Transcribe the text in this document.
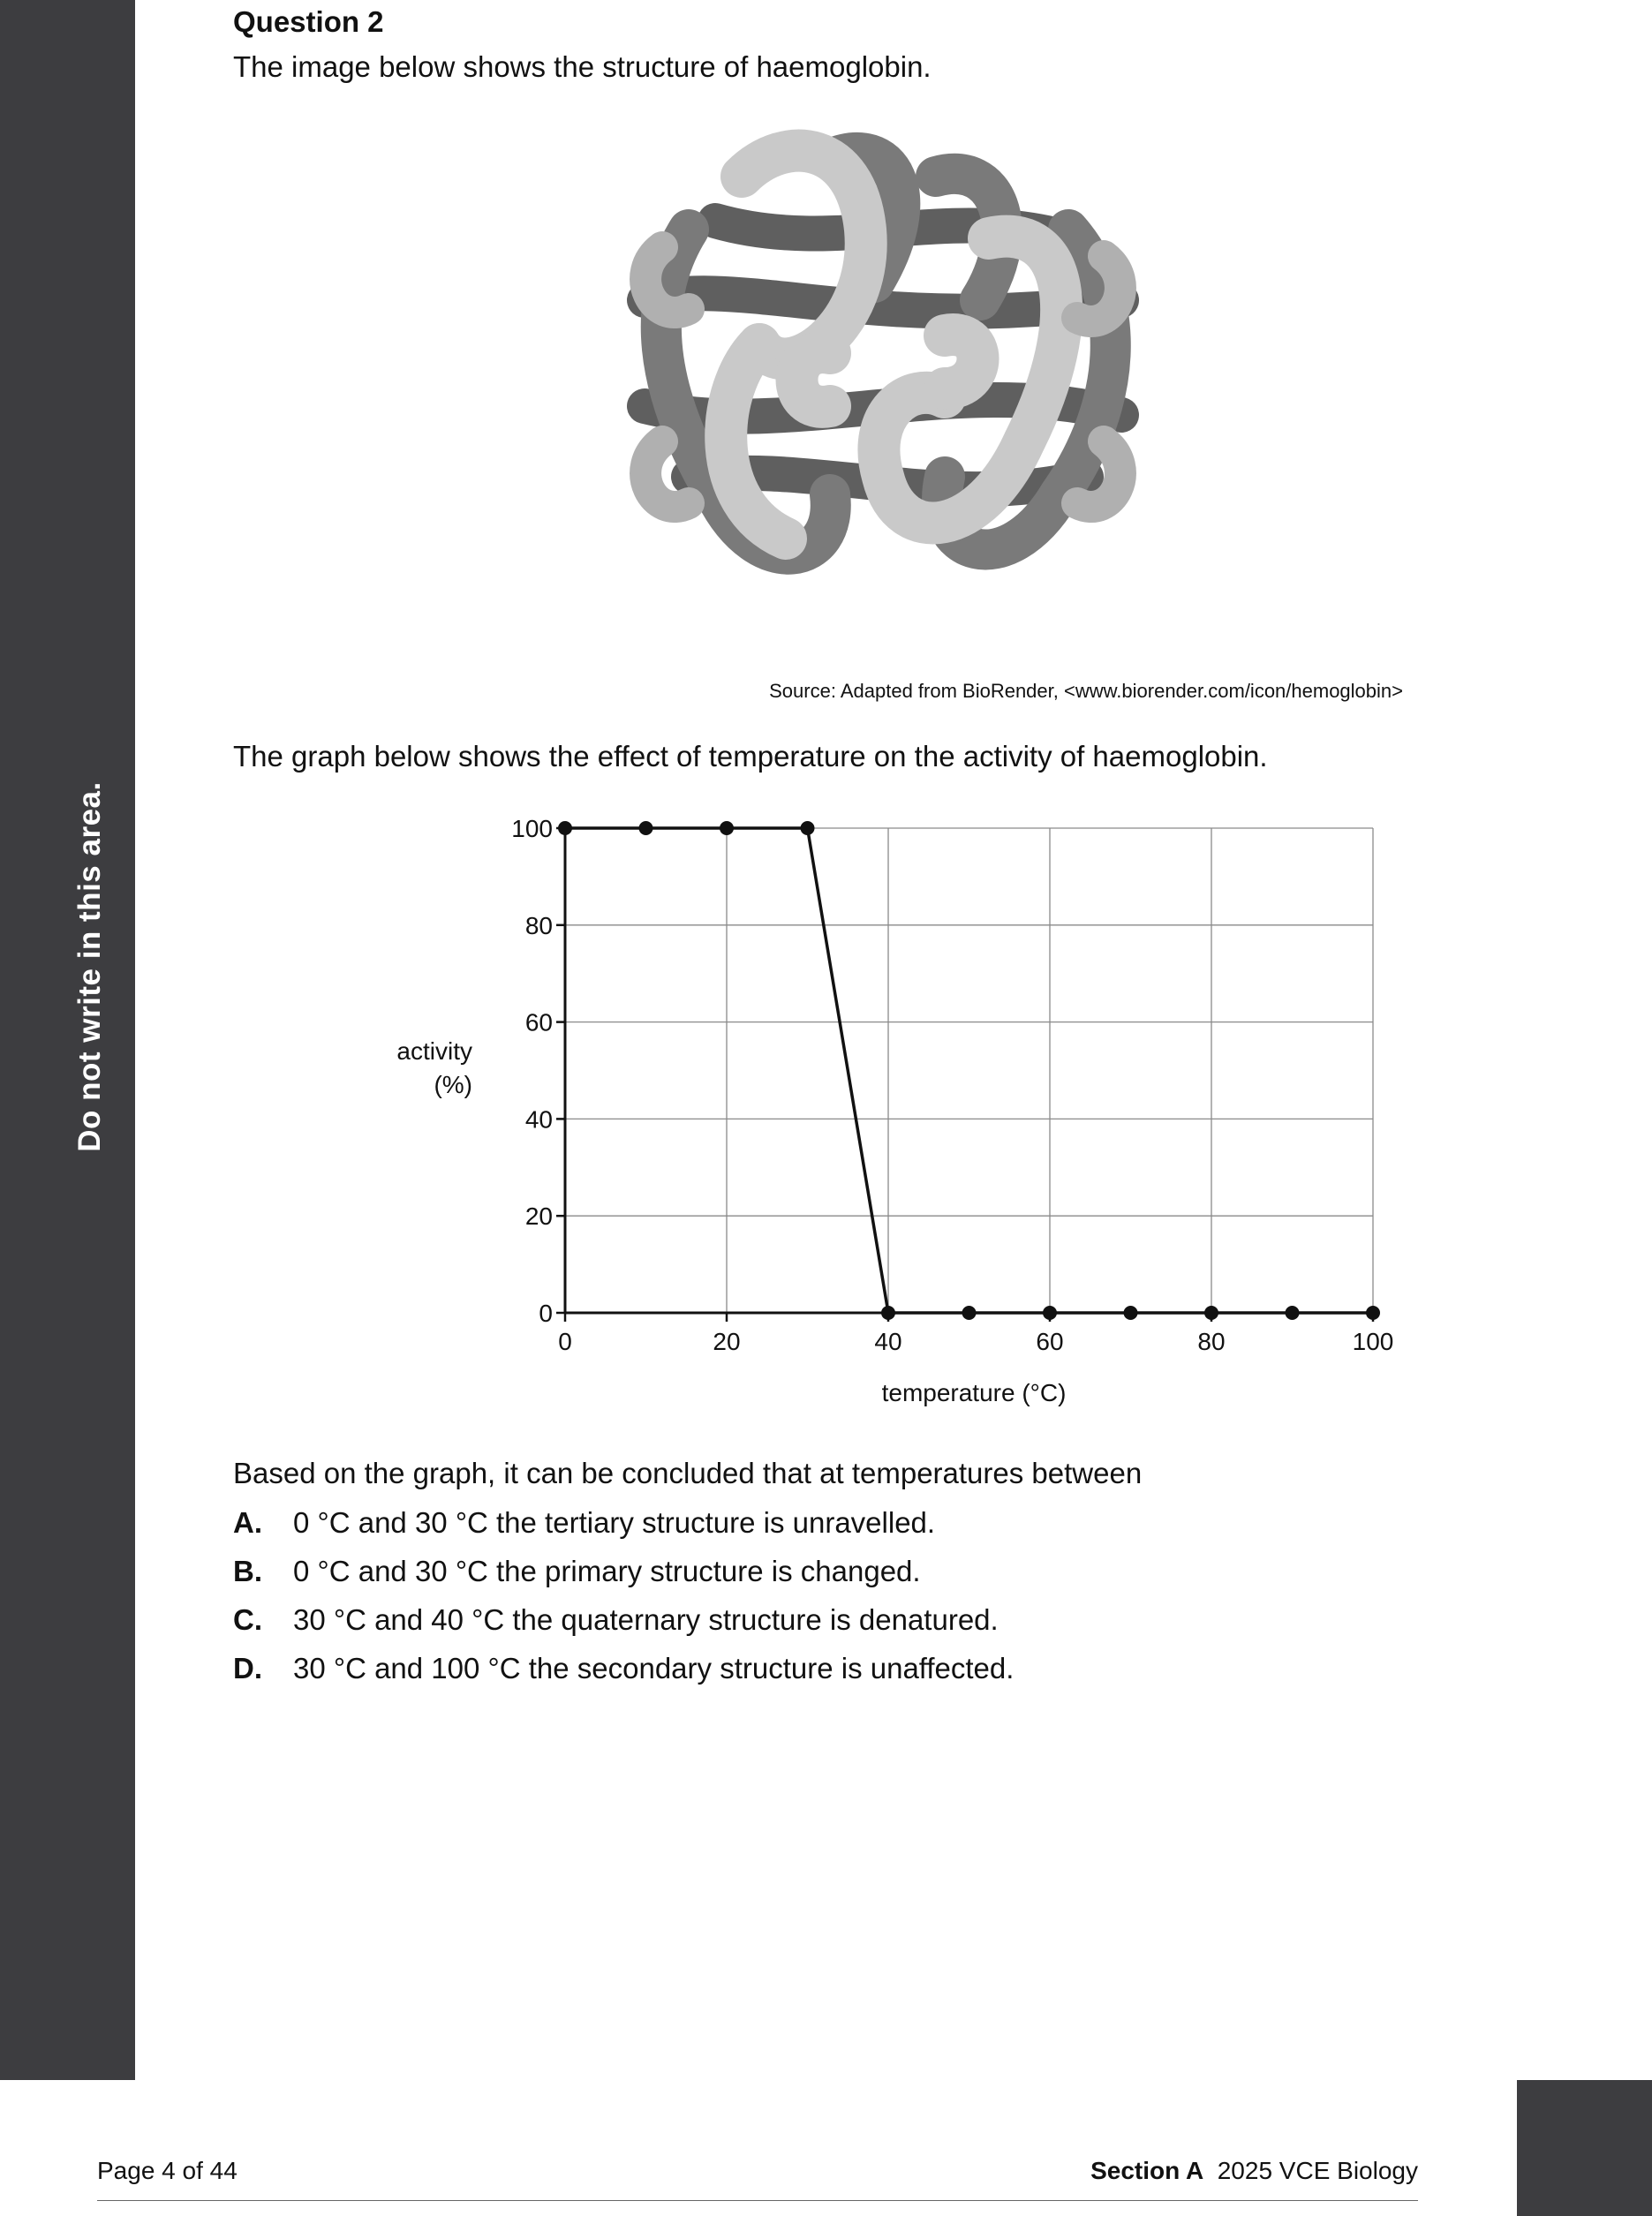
Do not write in this area.
Question 2
The image below shows the structure of haemoglobin.
Source: Adapted from BioRender, <www.biorender.com/icon/hemoglobin>
The graph below shows the effect of temperature on the activity of haemoglobin.
0
20
40
60
80
100
0	20	40	60	80	100
activity
(%)
temperature (°C)
Based on the graph, it can be concluded that at temperatures between
A. 0 °C and 30 °C the tertiary structure is unravelled.
B. 0 °C and 30 °C the primary structure is changed.
C. 30 °C and 40 °C the quaternary structure is denatured.
D. 30 °C and 100 °C the secondary structure is unaffected.
Page 4 of 44	Section A 2025 VCE Biology
